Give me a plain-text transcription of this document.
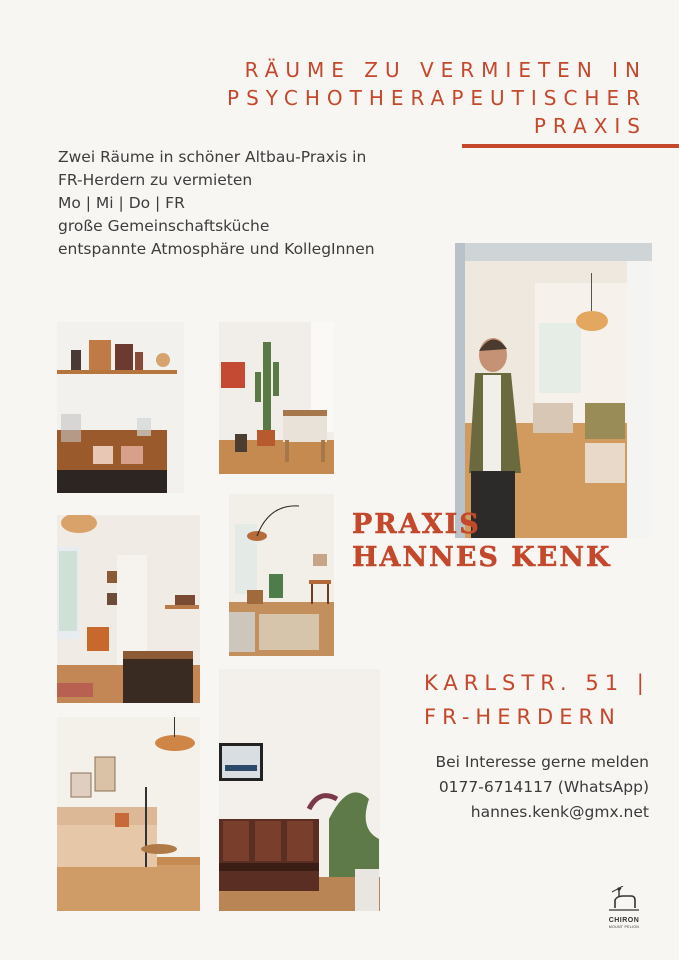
RÄUME ZU VERMIETEN IN
PSYCHOTHERAPEUTISCHER
PRAXIS
Zwei Räume in schöner Altbau-Praxis in
FR-Herdern zu vermieten
Mo | Mi | Do | FR
große Gemeinschaftsküche
entspannte Atmosphäre und KollegInnen
PRAXIS
HANNES KENK
KARLSTR. 51 |
FR-HERDERN
Bei Interesse gerne melden
0177-6714117 (WhatsApp)
hannes.kenk@gmx.net
CHIRON
MOUNT PELION
